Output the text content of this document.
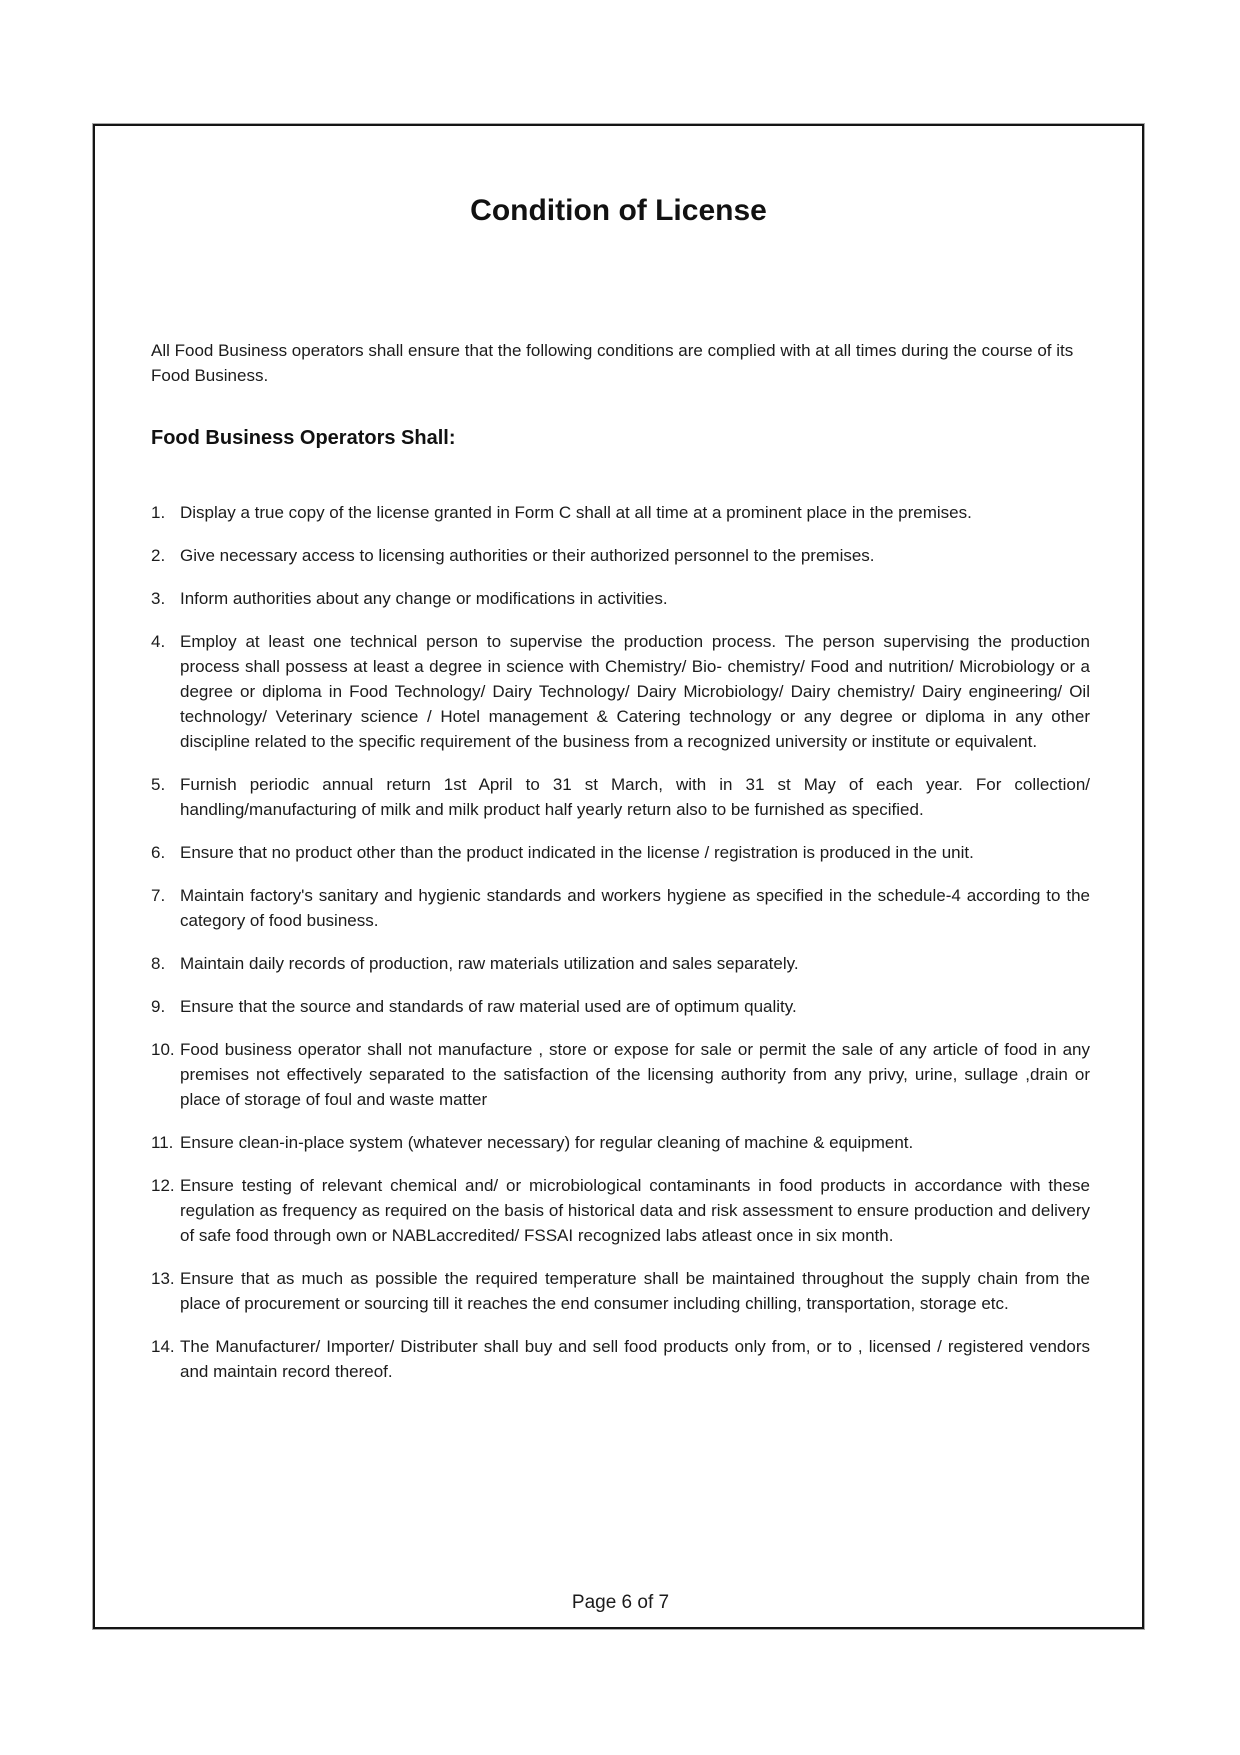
Condition of License

All Food Business operators shall ensure that the following conditions are complied with at all times during the course of its Food Business.

Food Business Operators Shall:
Display a true copy of the license granted in Form C shall at all time at a prominent place in the premises.
Give necessary access to licensing authorities or their authorized personnel to the premises.
Inform authorities about any change or modifications in activities.
Employ at least one technical person to supervise the production process. The person supervising the production process shall possess at least a degree in science with Chemistry/ Bio- chemistry/ Food and nutrition/ Microbiology or a degree or diploma in Food Technology/ Dairy Technology/ Dairy Microbiology/ Dairy chemistry/ Dairy engineering/ Oil technology/ Veterinary science / Hotel management & Catering technology or any degree or diploma in any other discipline related to the specific requirement of the business from a recognized university or institute or equivalent.
Furnish periodic annual return 1st April to 31 st March, with in 31 st May of each year. For collection/ handling/manufacturing of milk and milk product half yearly return also to be furnished as specified.
Ensure that no product other than the product indicated in the license / registration is produced in the unit.
Maintain factory's sanitary and hygienic standards and workers hygiene as specified in the schedule-4 according to the category of food business.
Maintain daily records of production, raw materials utilization and sales separately.
Ensure that the source and standards of raw material used are of optimum quality.
Food business operator shall not manufacture , store or expose for sale or permit the sale of any article of food in any premises not effectively separated to the satisfaction of the licensing authority from any privy, urine, sullage ,drain or place of storage of foul and waste matter
Ensure clean-in-place system (whatever necessary) for regular cleaning of machine & equipment.
Ensure testing of relevant chemical and/ or microbiological contaminants in food products in accordance with these regulation as frequency as required on the basis of historical data and risk assessment to ensure production and delivery of safe food through own or NABLaccredited/ FSSAI recognized labs atleast once in six month.
Ensure that as much as possible the required temperature shall be maintained throughout the supply chain from the place of procurement or sourcing till it reaches the end consumer including chilling, transportation, storage etc.
The Manufacturer/ Importer/ Distributer shall buy and sell food products only from, or to , licensed / registered vendors and maintain record thereof.
Page 6 of 7
